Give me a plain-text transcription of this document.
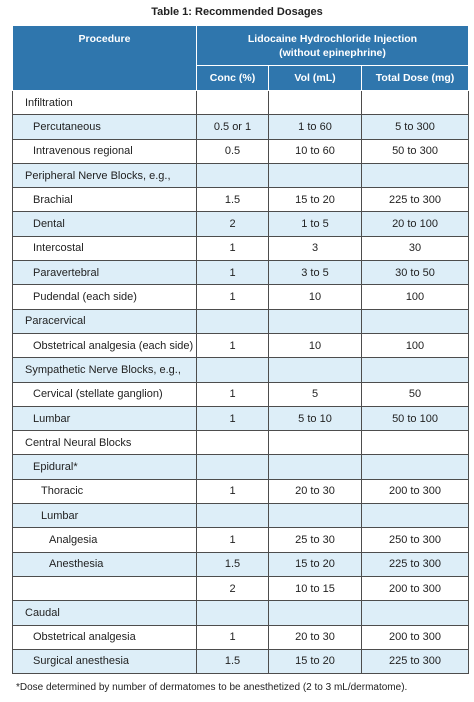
Table 1: Recommended Dosages
Procedure	Lidocaine Hydrochloride Injection
(without epinephrine)		

	Conc (%)	Vol (mL)	Total Dose (mg)
Infiltration			
Percutaneous	0.5 or 1	1 to 60	5 to 300
Intravenous regional	0.5	10 to 60	50 to 300
Peripheral Nerve Blocks, e.g.,			
Brachial	1.5	15 to 20	225 to 300
Dental	2	1 to 5	20 to 100
Intercostal	1	3	30
Paravertebral	1	3 to 5	30 to 50
Pudendal (each side)	1	10	100
Paracervical			
Obstetrical analgesia (each side)	1	10	100
Sympathetic Nerve Blocks, e.g.,			
Cervical (stellate ganglion)	1	5	50
Lumbar	1	5 to 10	50 to 100
Central Neural Blocks			
Epidural*			
Thoracic	1	20 to 30	200 to 300
Lumbar			
Analgesia	1	25 to 30	250 to 300
Anesthesia	1.5	15 to 20	225 to 300
	2	10 to 15	200 to 300
Caudal			
Obstetrical analgesia	1	20 to 30	200 to 300
Surgical anesthesia	1.5	15 to 20	225 to 300
*Dose determined by number of dermatomes to be anesthetized (2 to 3 mL/dermatome).
